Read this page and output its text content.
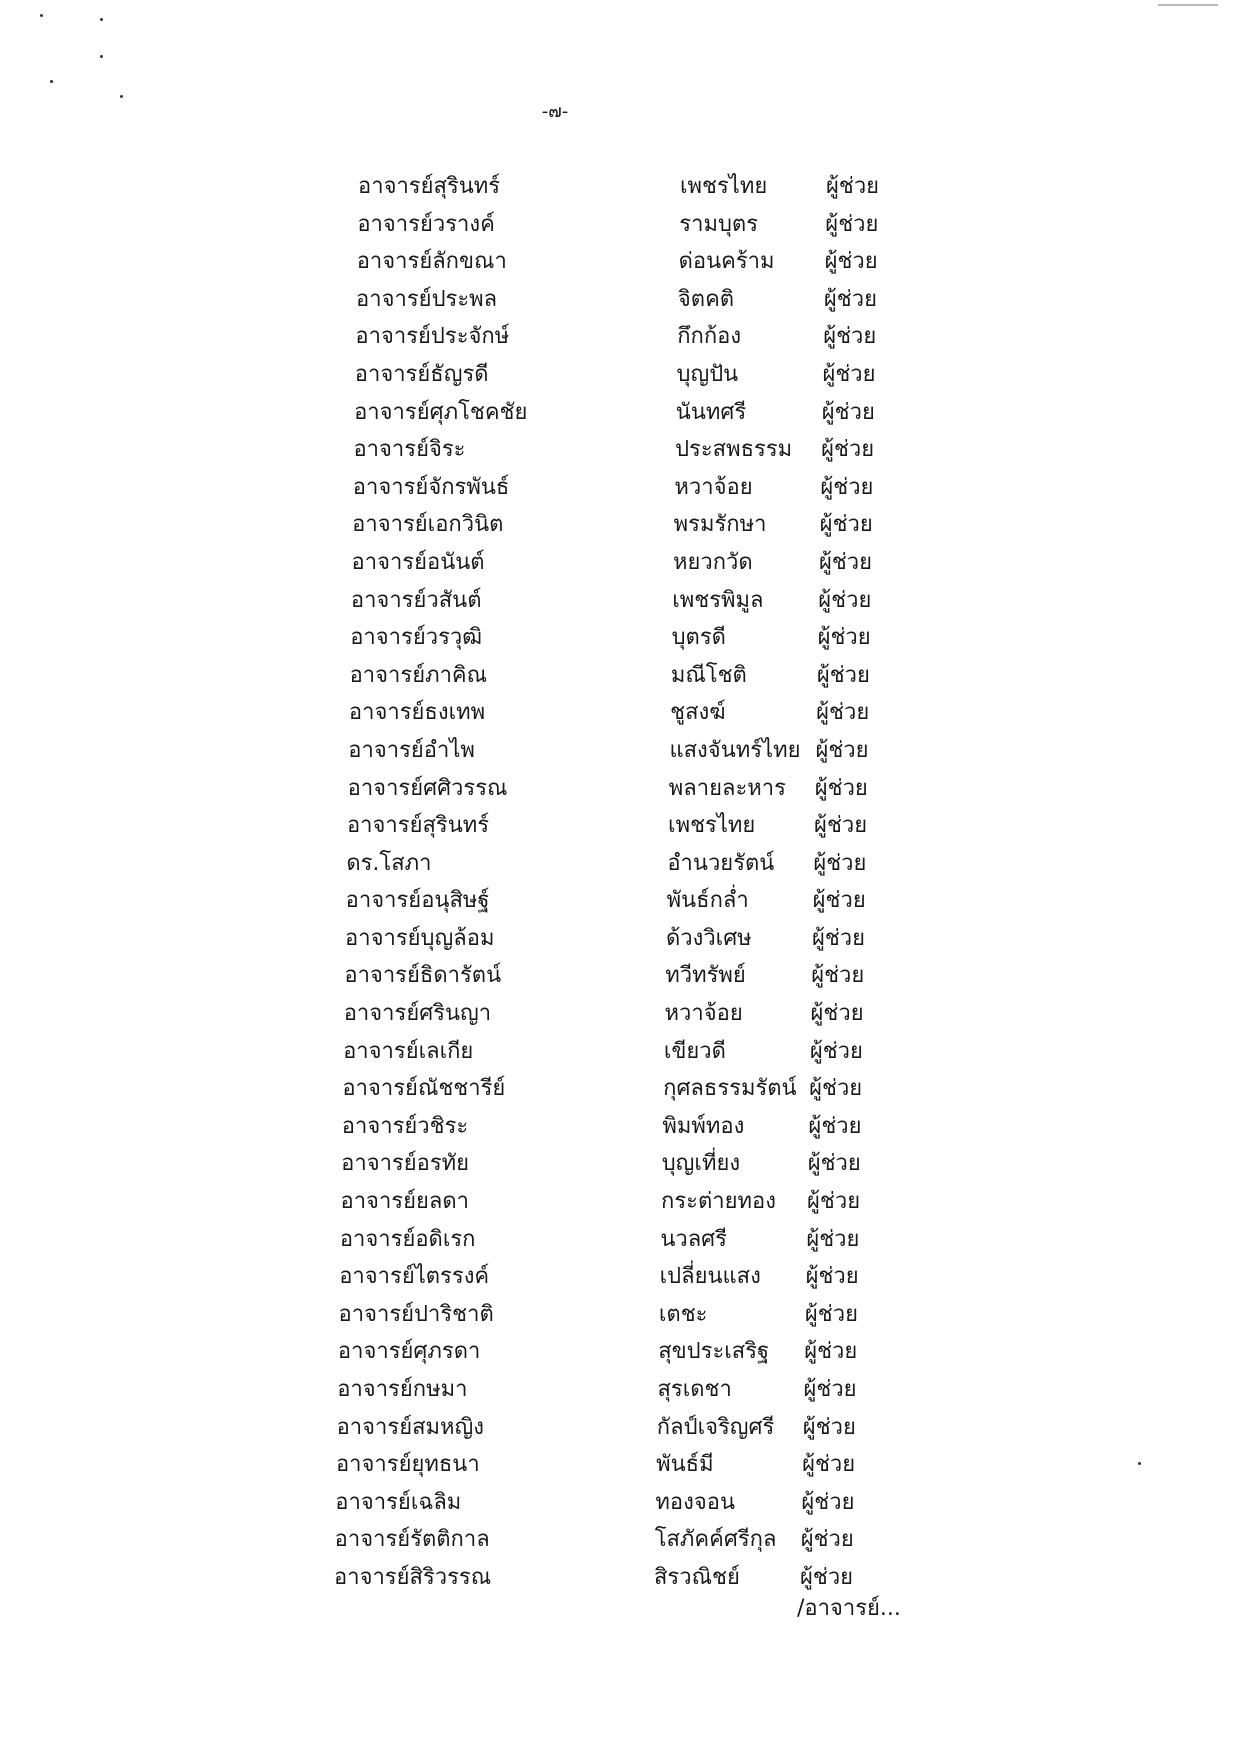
-๗-
อาจารย์สุรินทร์	เพชรไทย	ผู้ช่วย
อาจารย์วรางค์	รามบุตร	ผู้ช่วย
อาจารย์ลักขณา	ด่อนคร้าม ผู้ช่วย
อาจารย์ประพล	จิตคติ	ผู้ช่วย
อาจารย์ประจักษ์	กึกก้อง	ผู้ช่วย
อาจารย์ธัญรดี	บุญปัน	ผู้ช่วย
อาจารย์ศุภโชคชัย	นันทศรี	ผู้ช่วย
อาจารย์จิระ	ประสพธรรม ผู้ช่วย
อาจารย์จักรพันธ์	หวาจ้อย	ผู้ช่วย
อาจารย์เอกวินิต	พรมรักษา ผู้ช่วย
อาจารย์อนันต์	หยวกวัด	ผู้ช่วย
อาจารย์วสันต์	เพชรพิมูล ผู้ช่วย
อาจารย์วรวุฒิ	บุตรดี	ผู้ช่วย
อาจารย์ภาคิณ	มณีโชติ	ผู้ช่วย
อาจารย์ธงเทพ	ชูสงฆ์	ผู้ช่วย
อาจารย์อำไพ	แสงจันทร์ไทย ผู้ช่วย
อาจารย์ศศิวรรณ	พลายละหาร ผู้ช่วย
อาจารย์สุรินทร์	เพชรไทย	ผู้ช่วย
ดร.โสภา	อำนวยรัตน์ ผู้ช่วย
อาจารย์อนุสิษฐ์	พันธ์กล่ำ	ผู้ช่วย
อาจารย์บุญล้อม	ด้วงวิเศษ	ผู้ช่วย
อาจารย์ธิดารัตน์	ทวีทรัพย์	ผู้ช่วย
อาจารย์ศรินญา	หวาจ้อย	ผู้ช่วย
อาจารย์เลเกีย	เขียวดี	ผู้ช่วย
อาจารย์ณัชชารีย์	กุศลธรรมรัตน์ ผู้ช่วย
อาจารย์วชิระ	พิมพ์ทอง	ผู้ช่วย
อาจารย์อรทัย	บุญเที่ยง	ผู้ช่วย
อาจารย์ยลดา	กระต่ายทอง ผู้ช่วย
อาจารย์อดิเรก	นวลศรี	ผู้ช่วย
อาจารย์ไตรรงค์	เปลี่ยนแสง ผู้ช่วย
อาจารย์ปาริชาติ	เตชะ	ผู้ช่วย
อาจารย์ศุภรดา	สุขประเสริฐ ผู้ช่วย
อาจารย์กษมา	สุรเดชา	ผู้ช่วย
อาจารย์สมหญิง	กัลป์เจริญศรี ผู้ช่วย
อาจารย์ยุทธนา	พันธ์มี	ผู้ช่วย
อาจารย์เฉลิม	ทองจอน	ผู้ช่วย
อาจารย์รัตติกาล	โสภัคค์ศรีกุล ผู้ช่วย
อาจารย์สิริวรรณ	สิรวณิชย์	ผู้ช่วย
/อาจารย์...
